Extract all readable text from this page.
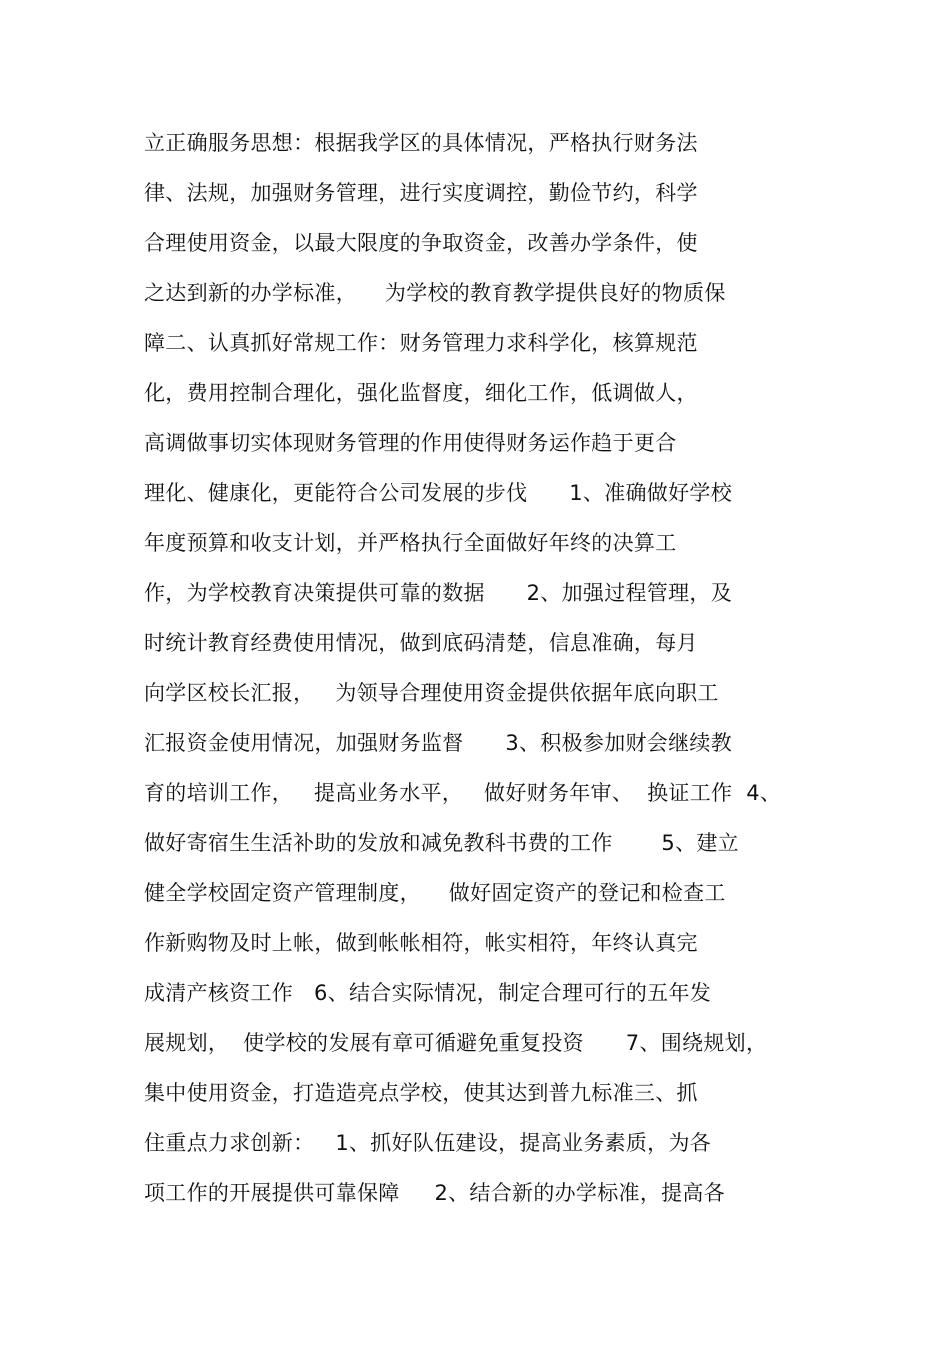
立正确服务思想：根据我学区的具体情况，严格执行财务法
律、法规，加强财务管理，进行实度调控，勤俭节约，科学
合理使用资金，以最大限度的争取资金，改善办学条件，使
之达到新的办学标准，    为学校的教育教学提供良好的物质保
障二、认真抓好常规工作：财务管理力求科学化，核算规范
化，费用控制合理化，强化监督度，细化工作，低调做人，
高调做事切实体现财务管理的作用使得财务运作趋于更合
理化、健康化，更能符合公司发展的步伐      1、准确做好学校
年度预算和收支计划，并严格执行全面做好年终的决算工
作，为学校教育决策提供可靠的数据      2、加强过程管理，及
时统计教育经费使用情况，做到底码清楚，信息准确，每月
向学区校长汇报，   为领导合理使用资金提供依据年底向职工
汇报资金使用情况，加强财务监督      3、积极参加财会继续教
育的培训工作，   提高业务水平，   做好财务年审、  换证工作  4、
做好寄宿生生活补助的发放和减免教科书费的工作       5、建立
健全学校固定资产管理制度，    做好固定资产的登记和检查工
作新购物及时上帐，做到帐帐相符，帐实相符，年终认真完
成清产核资工作   6、结合实际情况，制定合理可行的五年发
展规划，  使学校的发展有章可循避免重复投资      7、围绕规划，
集中使用资金，打造造亮点学校，使其达到普九标准三、抓
住重点力求创新：   1、抓好队伍建设，提高业务素质，为各
项工作的开展提供可靠保障     2、结合新的办学标准，提高各
